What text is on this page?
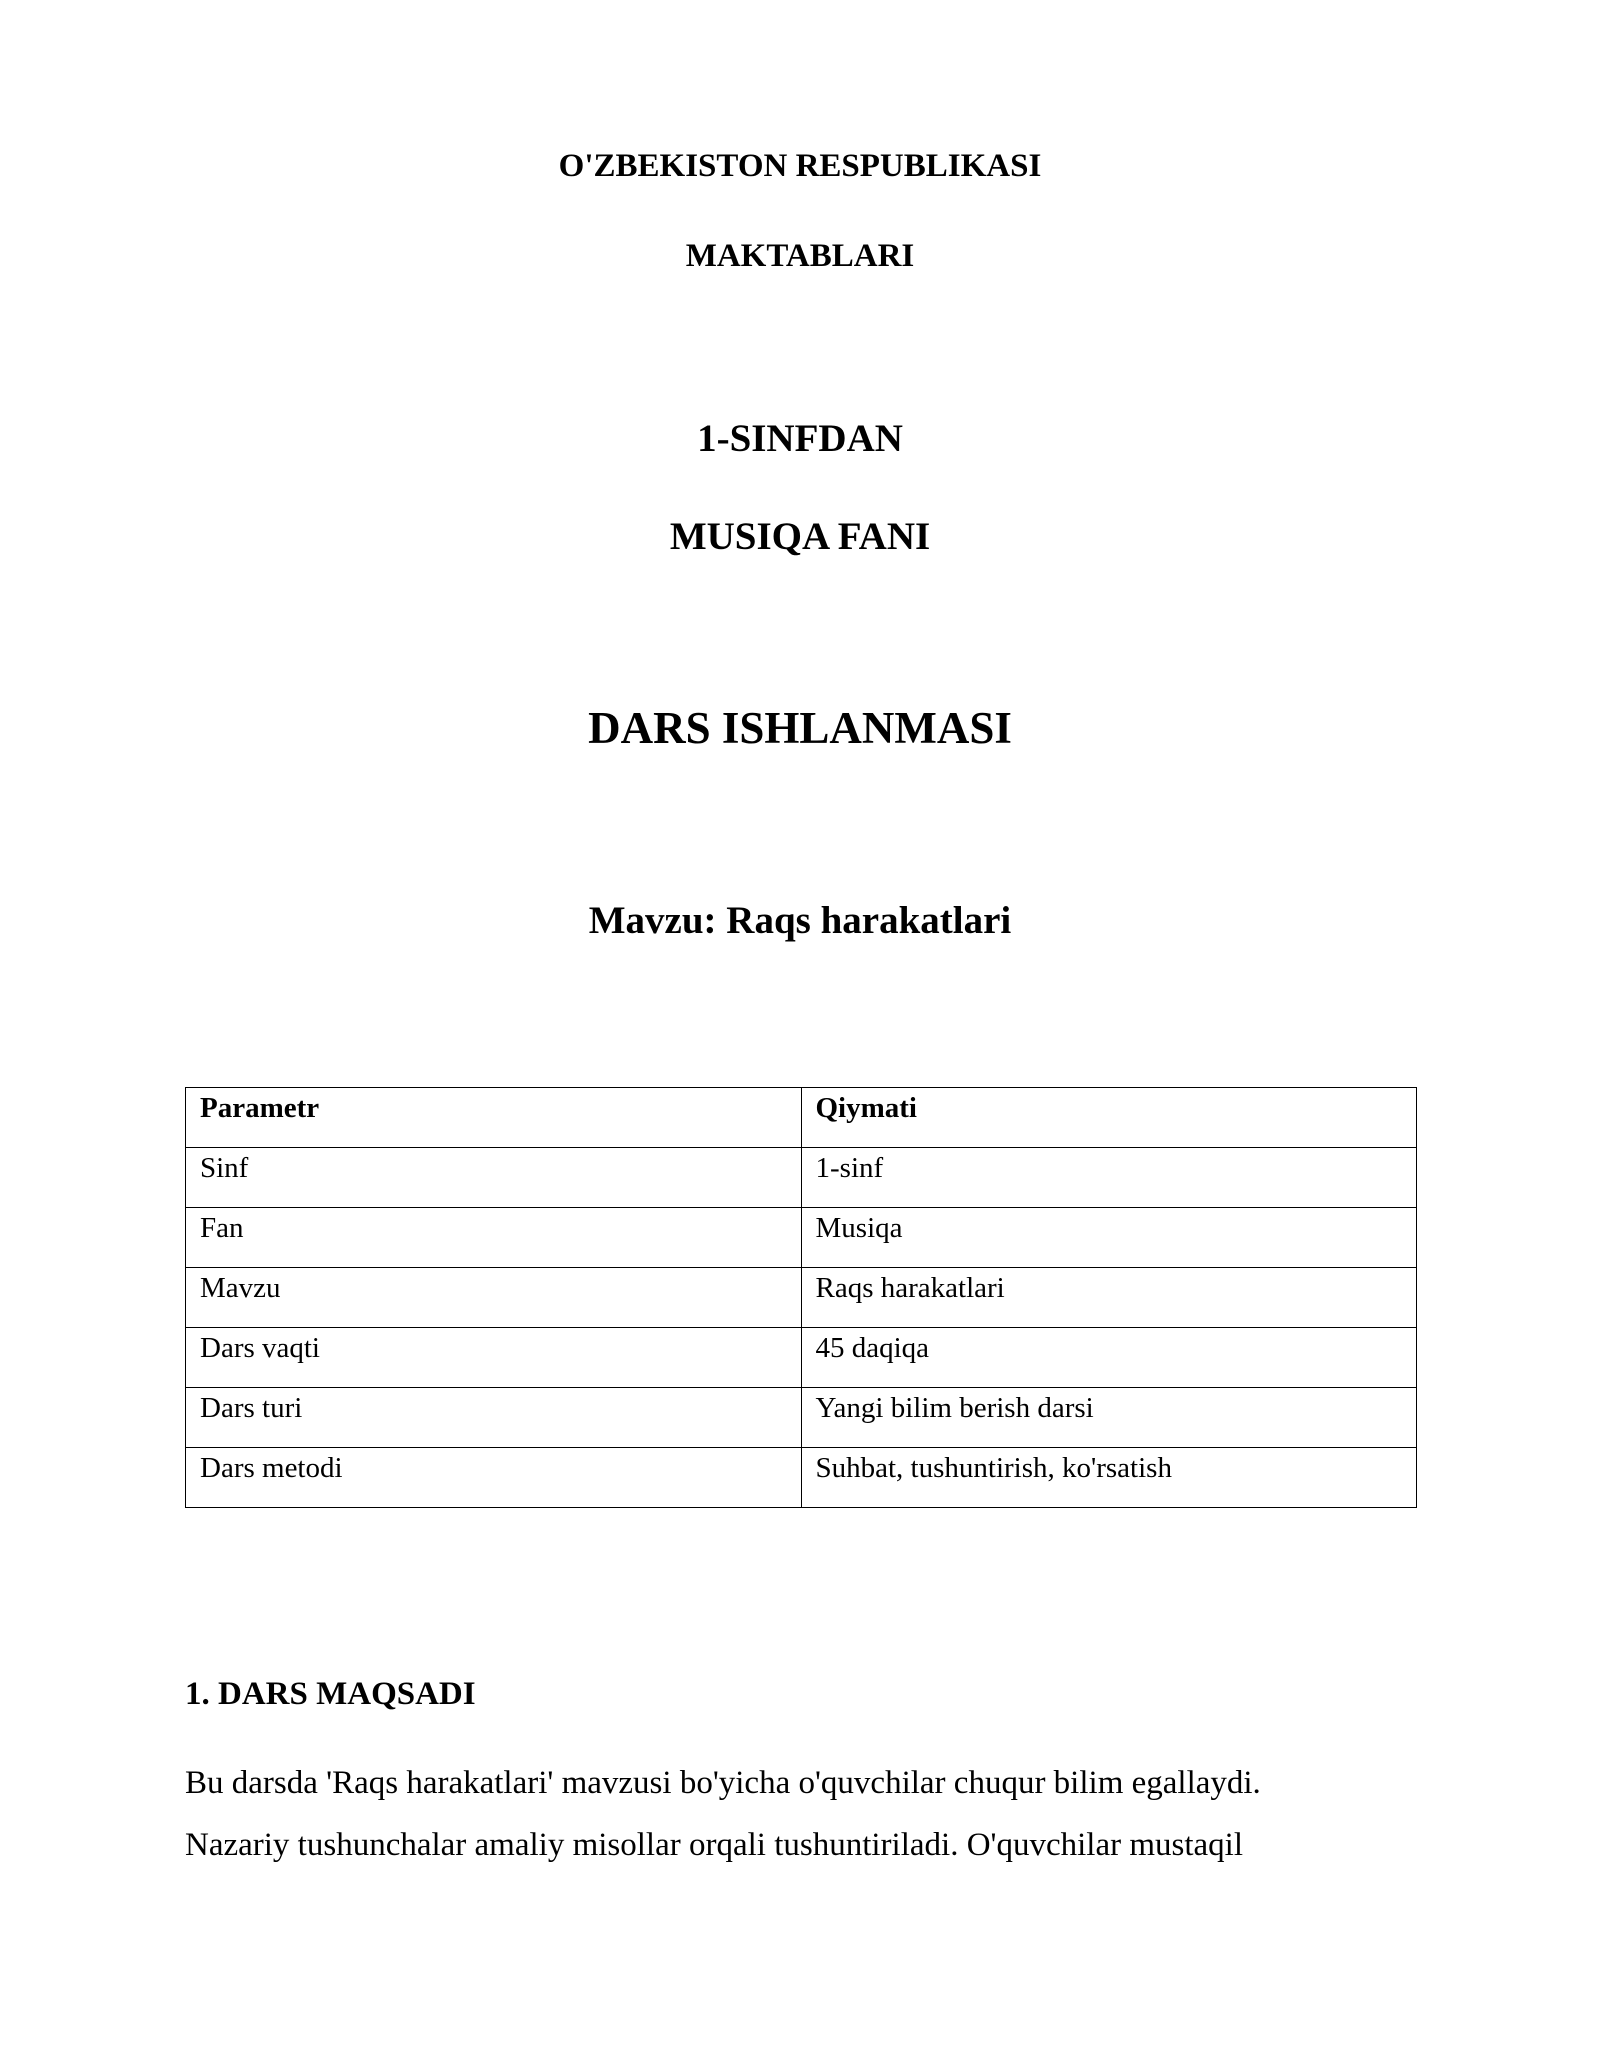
O'ZBEKISTON RESPUBLIKASI
MAKTABLARI
1-SINFDAN
MUSIQA FANI
DARS ISHLANMASI
Mavzu: Raqs harakatlari
Parametr	Qiymati
Sinf	1-sinf
Fan	Musiqa
Mavzu	Raqs harakatlari
Dars vaqti	45 daqiqa
Dars turi	Yangi bilim berish darsi
Dars metodi	Suhbat, tushuntirish, ko'rsatish
1. DARS MAQSADI
Bu darsda 'Raqs harakatlari' mavzusi bo'yicha o'quvchilar chuqur bilim egallaydi.
Nazariy tushunchalar amaliy misollar orqali tushuntiriladi. O'quvchilar mustaqil
